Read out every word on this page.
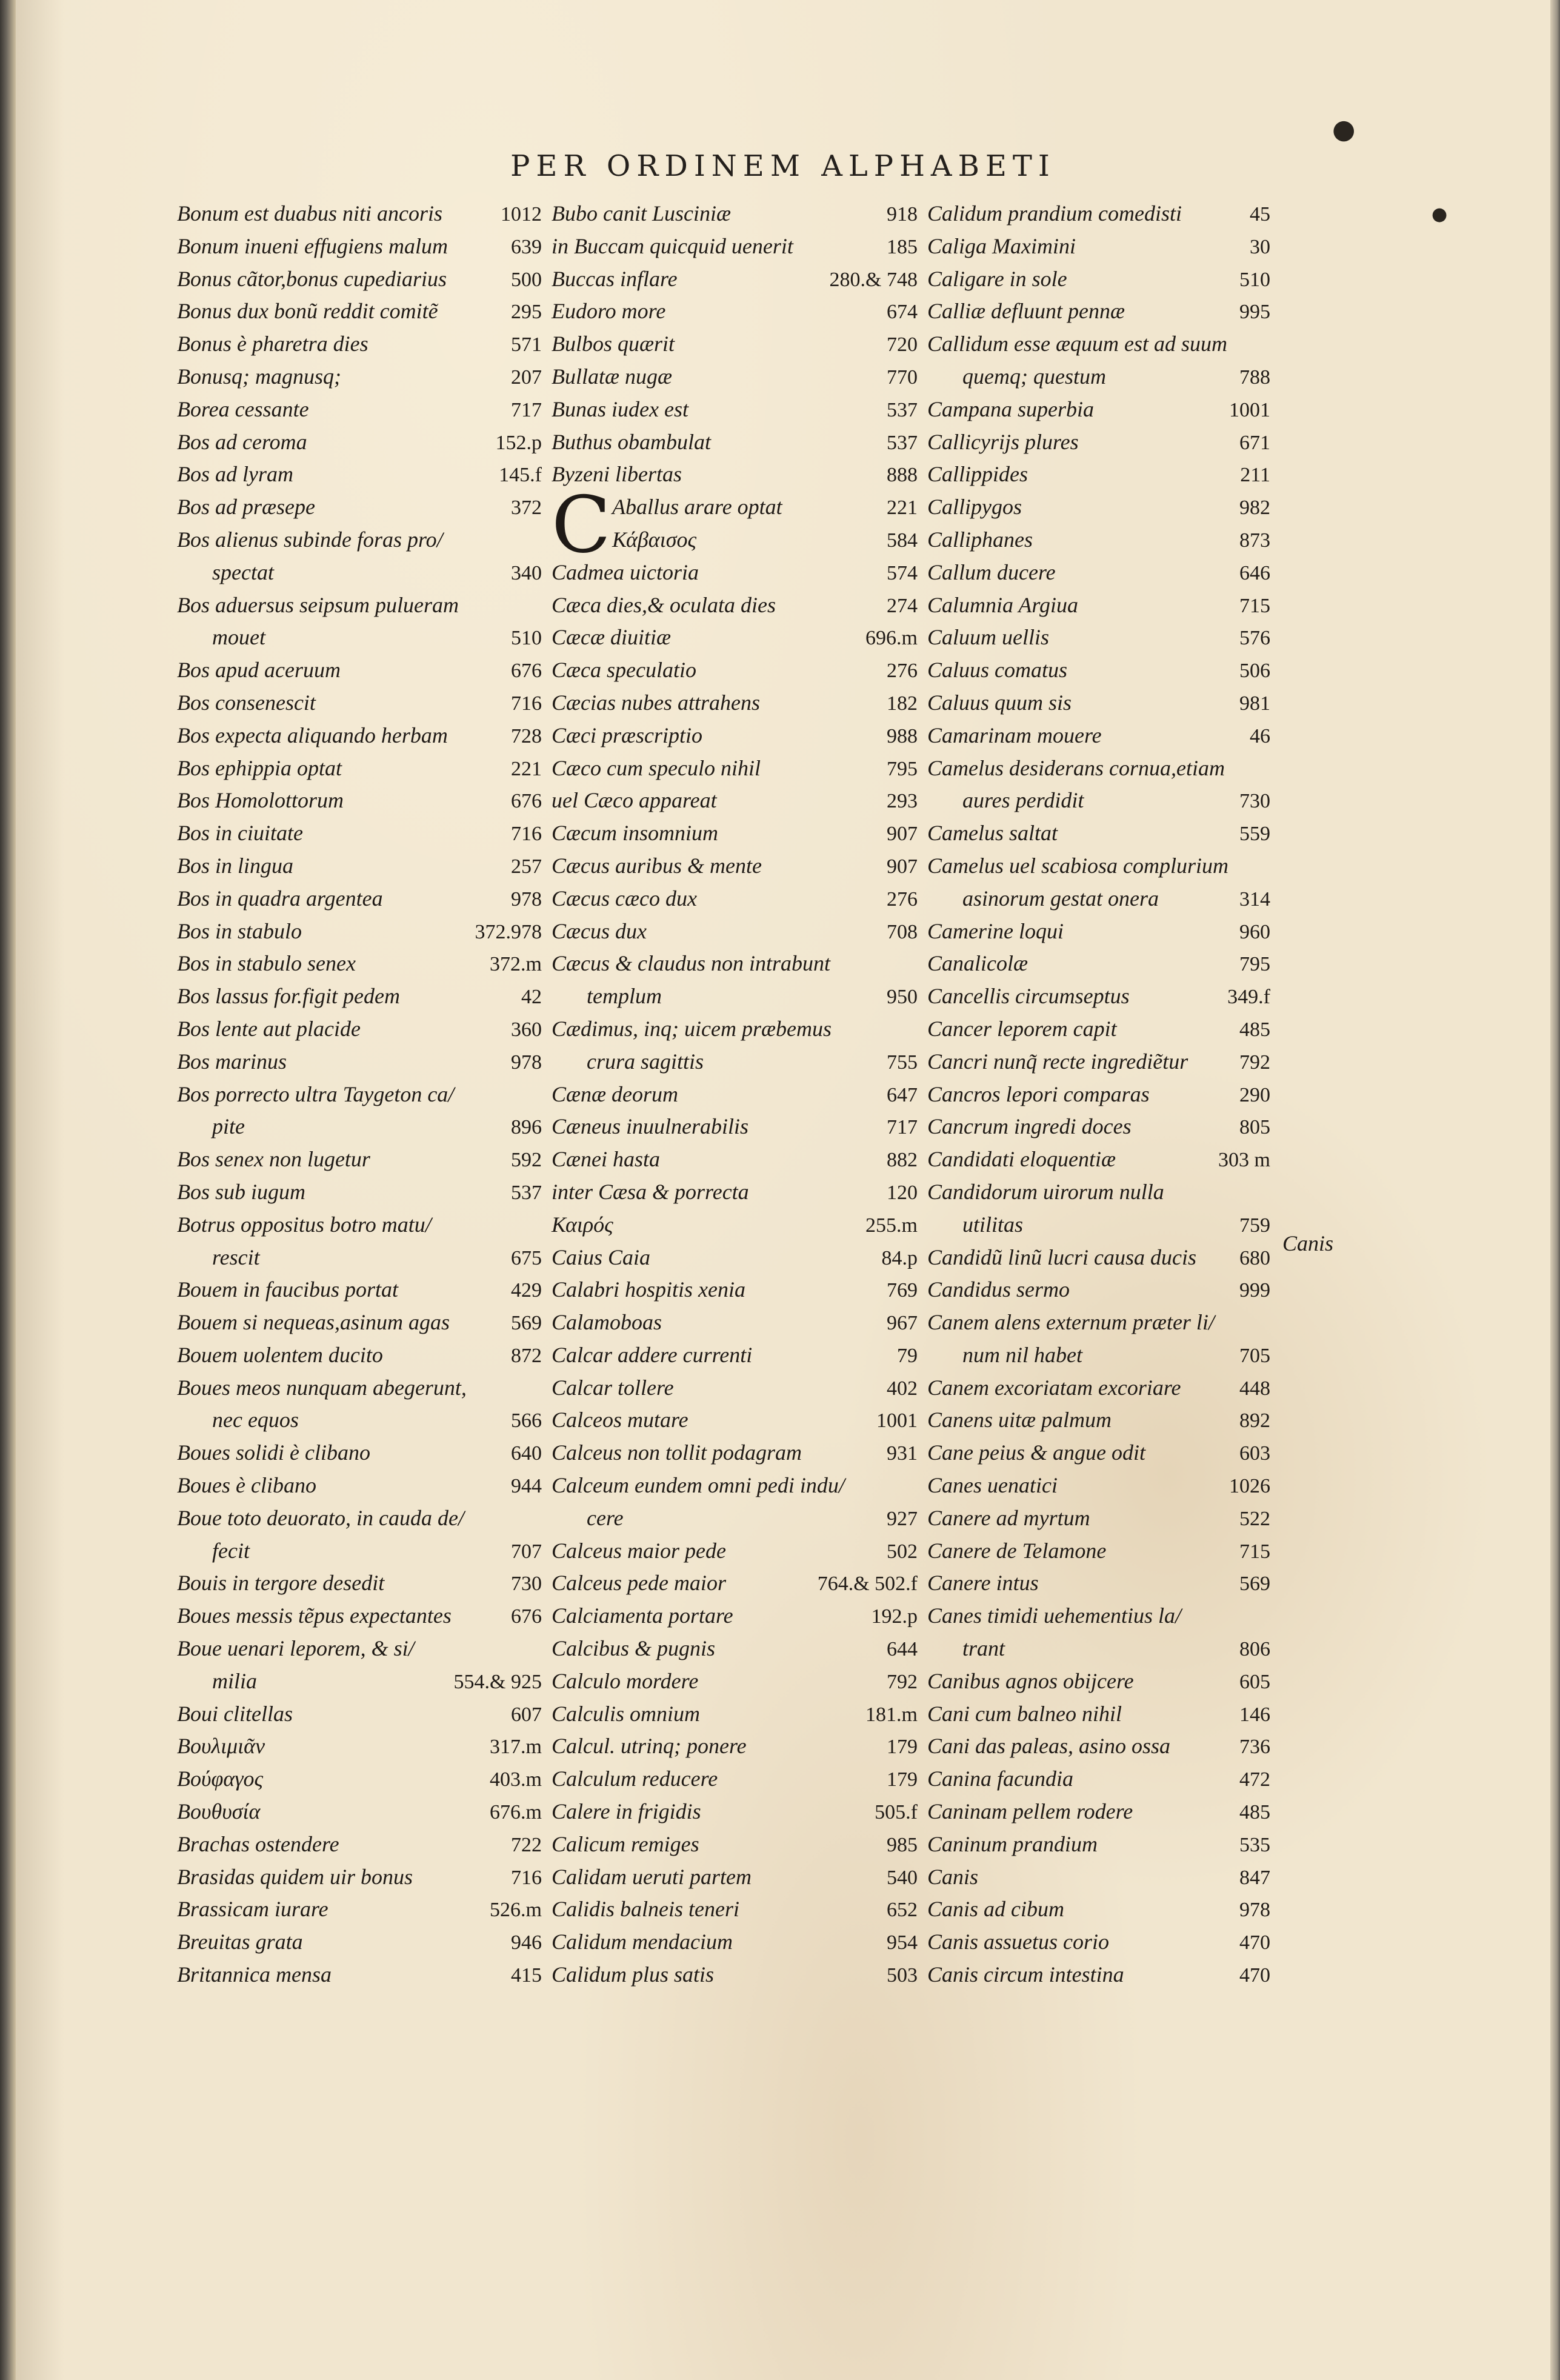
PER ORDINEM ALPHABETI
Bonum est duabus niti ancoris	1012
Bonum inueni effugiens malum	639
Bonus cãtor,bonus cupediarius	500
Bonus dux bonũ reddit comitẽ	295
Bonus è pharetra dies	571
Bonusq; magnusq;	207
Borea cessante	717
Bos ad ceroma	152.p
Bos ad lyram	145.f
Bos ad præsepe	372
Bos alienus subinde foras pro/
spectat	340
Bos aduersus seipsum pulueram
mouet	510
Bos apud aceruum	676
Bos consenescit	716
Bos expecta aliquando herbam	728
Bos ephippia optat	221
Bos Homolottorum	676
Bos in ciuitate	716
Bos in lingua	257
Bos in quadra argentea	978
Bos in stabulo	372.978
Bos in stabulo senex	372.m
Bos lassus for.figit pedem	42
Bos lente aut placide	360
Bos marinus	978
Bos porrecto ultra Taygeton ca/
pite	896
Bos senex non lugetur	592
Bos sub iugum	537
Botrus oppositus botro matu/
rescit	675
Bouem in faucibus portat	429
Bouem si nequeas,asinum agas	569
Bouem uolentem ducito	872
Boues meos nunquam abegerunt,
nec equos	566
Boues solidi è clibano	640
Boues è clibano	944
Boue toto deuorato, in cauda de/
fecit	707
Bouis in tergore desedit	730
Boues messis tẽpus expectantes	676
Boue uenari leporem, & si/
milia	554.& 925
Boui clitellas	607
Βουλιμιᾶν	317.m
Βούφαγος	403.m
Βουθυσία	676.m
Brachas ostendere	722
Brasidas quidem uir bonus	716
Brassicam iurare	526.m
Breuitas grata	946
Britannica mensa	415
Bubo canit Lusciniæ	918
in Buccam quicquid uenerit	185
Buccas inflare	280.& 748
Eudoro more	674
Bulbos quærit	720
Bullatæ nugæ	770
Bunas iudex est	537
Buthus obambulat	537
Byzeni libertas	888
C Aballus arare optat	221
Κάβαισος	584
Cadmea uictoria	574
Cæca dies,& oculata dies	274
Cæcæ diuitiæ	696.m
Cæca speculatio	276
Cæcias nubes attrahens	182
Cæci præscriptio	988
Cæco cum speculo nihil	795
uel Cæco appareat	293
Cæcum insomnium	907
Cæcus auribus & mente	907
Cæcus cæco dux	276
Cæcus dux	708
Cæcus & claudus non intrabunt
templum	950
Cædimus, inq; uicem præbemus
crura sagittis	755
Cænæ deorum	647
Cæneus inuulnerabilis	717
Cænei hasta	882
inter Cæsa & porrecta	120
Καιρός	255.m
Caius Caia	84.p
Calabri hospitis xenia	769
Calamoboas	967
Calcar addere currenti	79
Calcar tollere	402
Calceos mutare	1001
Calceus non tollit podagram	931
Calceum eundem omni pedi indu/
cere	927
Calceus maior pede	502
Calceus pede maior	764.& 502.f
Calciamenta portare	192.p
Calcibus & pugnis	644
Calculo mordere	792
Calculis omnium	181.m
Calcul. utrinq; ponere	179
Calculum reducere	179
Calere in frigidis	505.f
Calicum remiges	985
Calidam ueruti partem	540
Calidis balneis teneri	652
Calidum mendacium	954
Calidum plus satis	503
Calidum prandium comedisti	45
Caliga Maximini	30
Caligare in sole	510
Calliæ defluunt pennæ	995
Callidum esse æquum est ad suum
quemq; questum	788
Campana superbia	1001
Callicyrijs plures	671
Callippides	211
Callipygos	982
Calliphanes	873
Callum ducere	646
Calumnia Argiua	715
Caluum uellis	576
Caluus comatus	506
Caluus quum sis	981
Camarinam mouere	46
Camelus desiderans cornua,etiam
aures perdidit	730
Camelus saltat	559
Camelus uel scabiosa complurium
asinorum gestat onera	314
Camerine loqui	960
Canalicolæ	795
Cancellis circumseptus	349.f
Cancer leporem capit	485
Cancri nunq̃ recte ingrediẽtur	792
Cancros lepori comparas	290
Cancrum ingredi doces	805
Candidati eloquentiæ	303 m
Candidorum uirorum nulla
utilitas	759
Candidũ linũ lucri causa ducis	680
Candidus sermo	999
Canem alens externum præter li/
num nil habet	705
Canem excoriatam excoriare	448
Canens uitæ palmum	892
Cane peius & angue odit	603
Canes uenatici	1026
Canere ad myrtum	522
Canere de Telamone	715
Canere intus	569
Canes timidi uehementius la/
trant	806
Canibus agnos obijcere	605
Cani cum balneo nihil	146
Cani das paleas, asino ossa	736
Canina facundia	472
Caninam pellem rodere	485
Caninum prandium	535
Canis	847
Canis ad cibum	978
Canis assuetus corio	470
Canis circum intestina	470
Canis
●
●
